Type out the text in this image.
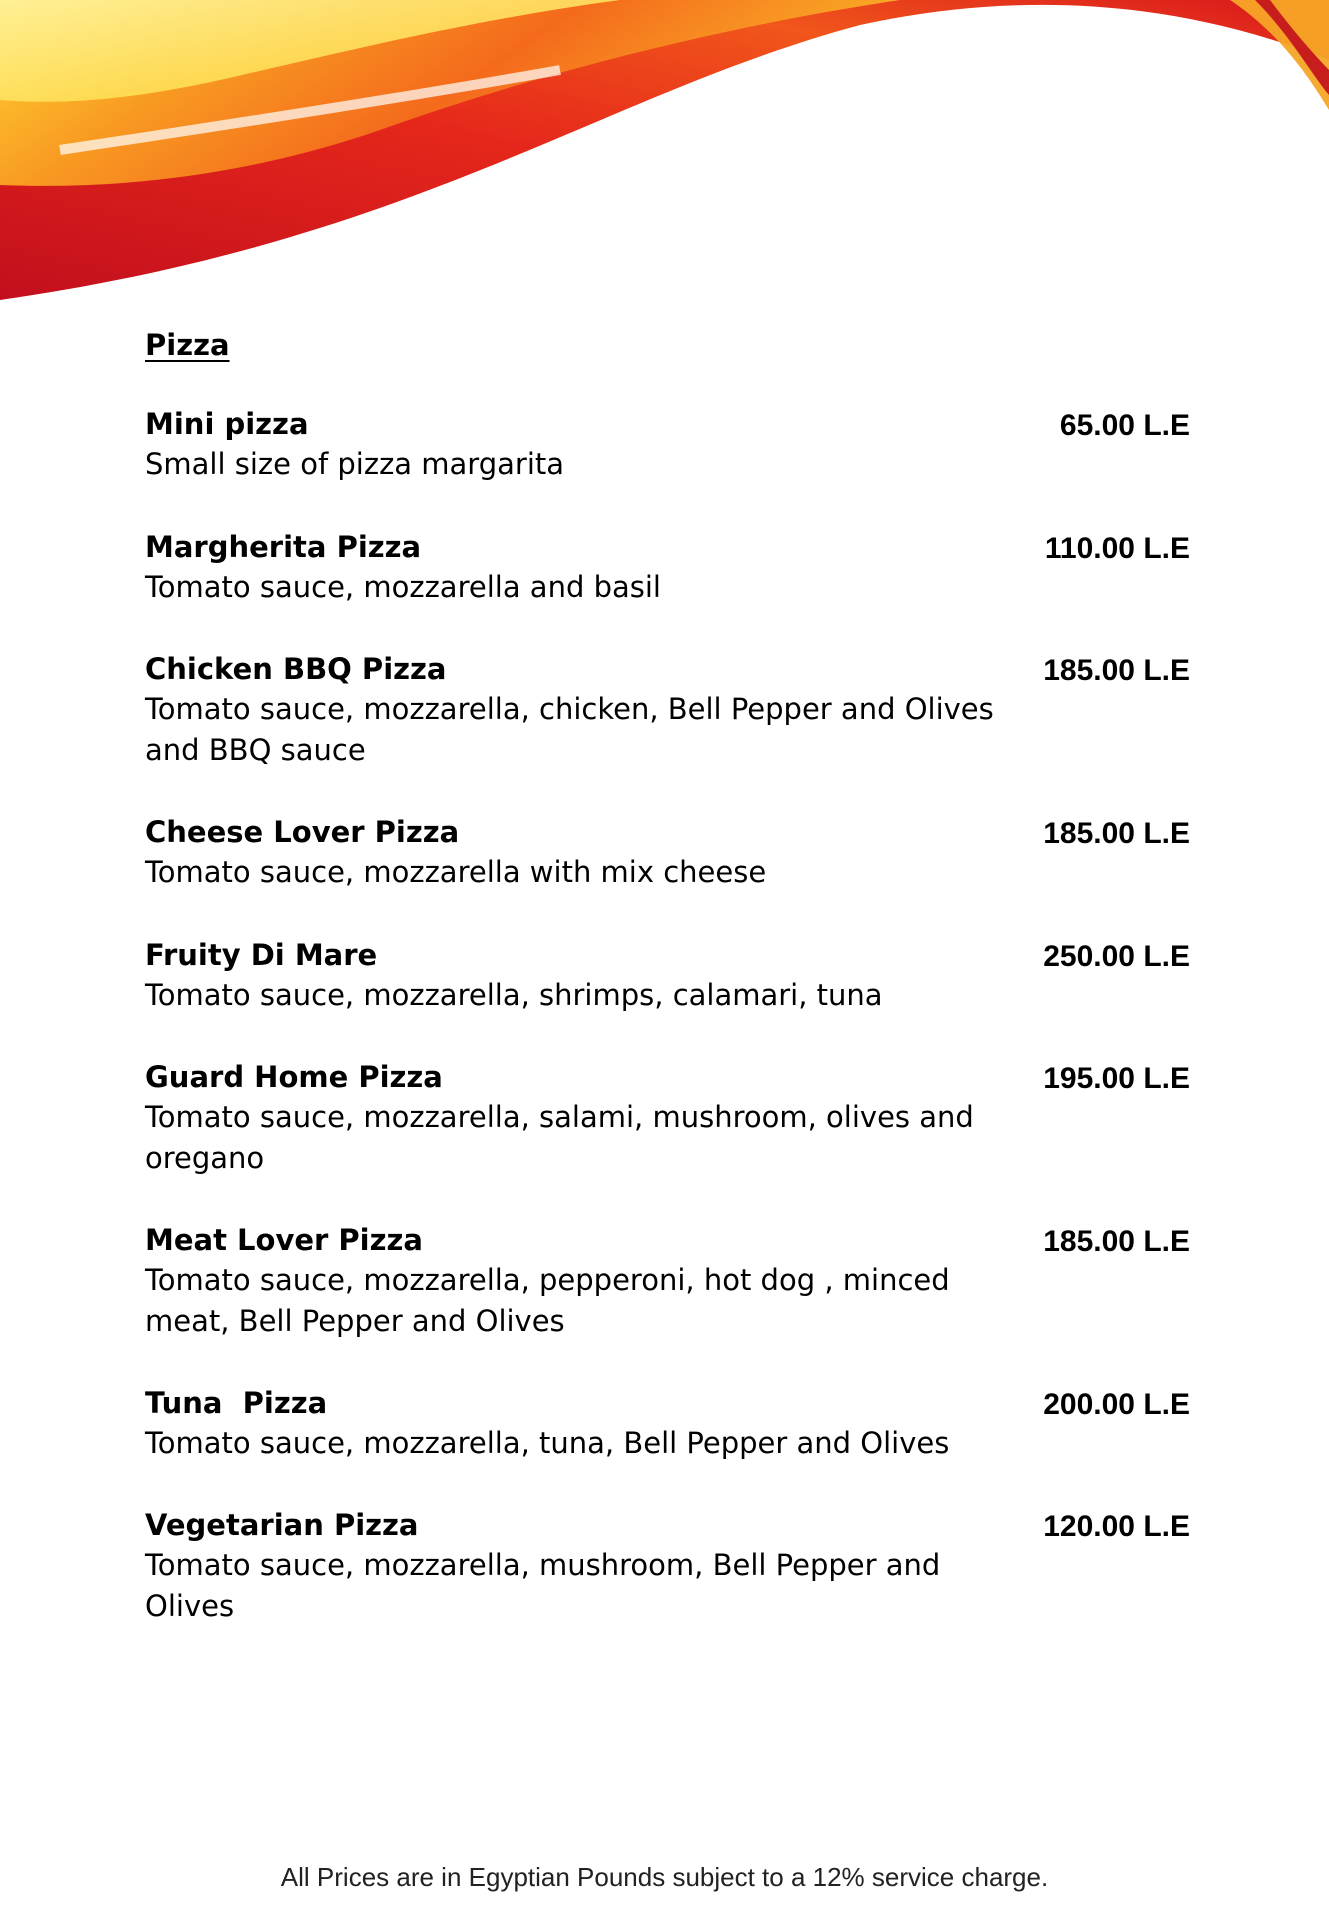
Pizza

Mini pizza

Small size of pizza margarita

65.00 L.E

Margherita Pizza

Tomato sauce, mozzarella and basil

110.00 L.E

Chicken BBQ Pizza

Tomato sauce, mozzarella, chicken, Bell Pepper and Olives and BBQ sauce

185.00 L.E

Cheese Lover Pizza

Tomato sauce, mozzarella with mix cheese

185.00 L.E

Fruity Di Mare

Tomato sauce, mozzarella, shrimps, calamari, tuna

250.00 L.E

Guard Home Pizza

Tomato sauce, mozzarella, salami, mushroom, olives and oregano

195.00 L.E

Meat Lover Pizza

Tomato sauce, mozzarella, pepperoni, hot dog , minced meat, Bell Pepper and Olives

185.00 L.E

Tuna  Pizza

Tomato sauce, mozzarella, tuna, Bell Pepper and Olives

200.00 L.E

Vegetarian Pizza

Tomato sauce, mozzarella, mushroom, Bell Pepper and Olives

120.00 L.E
All Prices are in Egyptian Pounds subject to a 12% service charge.
